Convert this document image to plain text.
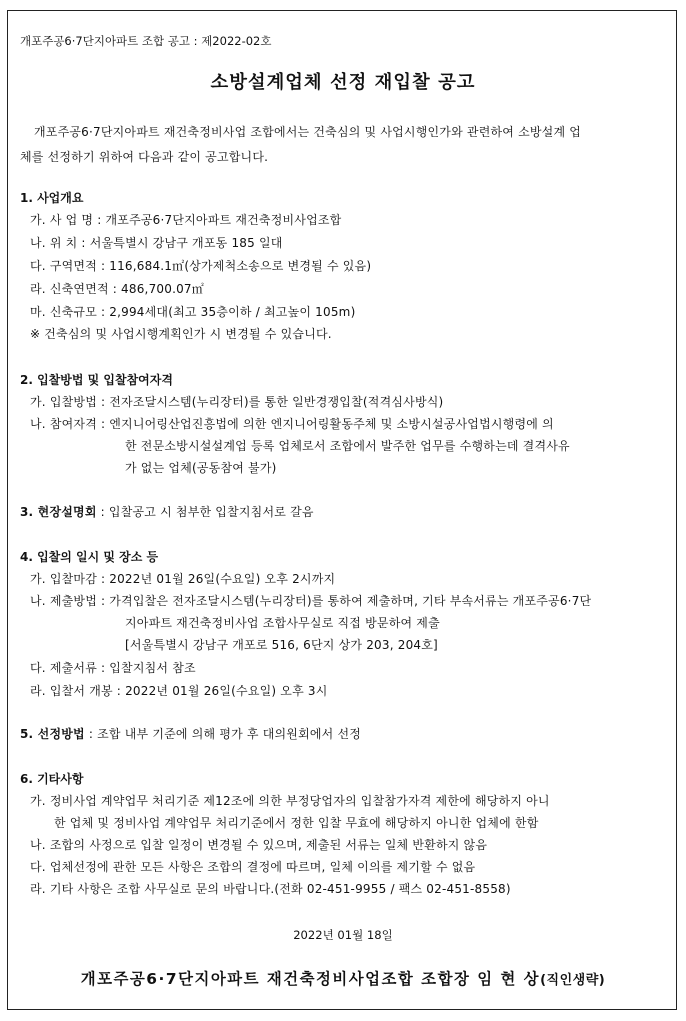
개포주공6·7단지아파트 조합 공고 : 제2022-02호
소방설계업체 선정 재입찰 공고
개포주공6·7단지아파트 재건축정비사업 조합에서는 건축심의 및 사업시행인가와 관련하여 소방설계 업
체를 선정하기 위하여 다음과 같이 공고합니다.
1. 사업개요
가. 사 업 명 : 개포주공6·7단지아파트 재건축정비사업조합
나. 위 치 : 서울특별시 강남구 개포동 185 일대
다. 구역면적 : 116,684.1㎡(상가제척소송으로 변경될 수 있음)
라. 신축연면적 : 486,700.07㎡
마. 신축규모 : 2,994세대(최고 35층이하 / 최고높이 105m)
※ 건축심의 및 사업시행계획인가 시 변경될 수 있습니다.
2. 입찰방법 및 입찰참여자격
가. 입찰방법 : 전자조달시스템(누리장터)를 통한 일반경쟁입찰(적격심사방식)
나. 참여자격 : 엔지니어링산업진흥법에 의한 엔지니어링활동주체 및 소방시설공사업법시행령에 의
한 전문소방시설설계업 등록 업체로서 조합에서 발주한 업무를 수행하는데 결격사유
가 없는 업체(공동참여 불가)
3. 현장설명회 : 입찰공고 시 첨부한 입찰지침서로 갈음
4. 입찰의 일시 및 장소 등
가. 입찰마감 : 2022년 01월 26일(수요일) 오후 2시까지
나. 제출방법 : 가격입찰은 전자조달시스템(누리장터)를 통하여 제출하며, 기타 부속서류는 개포주공6·7단
지아파트 재건축정비사업 조합사무실로 직접 방문하여 제출
[서울특별시 강남구 개포로 516, 6단지 상가 203, 204호]
다. 제출서류 : 입찰지침서 참조
라. 입찰서 개봉 : 2022년 01월 26일(수요일) 오후 3시
5. 선정방법 : 조합 내부 기준에 의해 평가 후 대의원회에서 선정
6. 기타사항
가. 정비사업 계약업무 처리기준 제12조에 의한 부정당업자의 입찰참가자격 제한에 해당하지 아니
한 업체 및 정비사업 계약업무 처리기준에서 정한 입찰 무효에 해당하지 아니한 업체에 한함
나. 조합의 사정으로 입찰 일정이 변경될 수 있으며, 제출된 서류는 일체 반환하지 않음
다. 업체선정에 관한 모든 사항은 조합의 결정에 따르며, 일체 이의를 제기할 수 없음
라. 기타 사항은 조합 사무실로 문의 바랍니다.(전화 02-451-9955 / 팩스 02-451-8558)
2022년 01월 18일
개포주공6·7단지아파트 재건축정비사업조합 조합장 임 현 상(직인생략)
